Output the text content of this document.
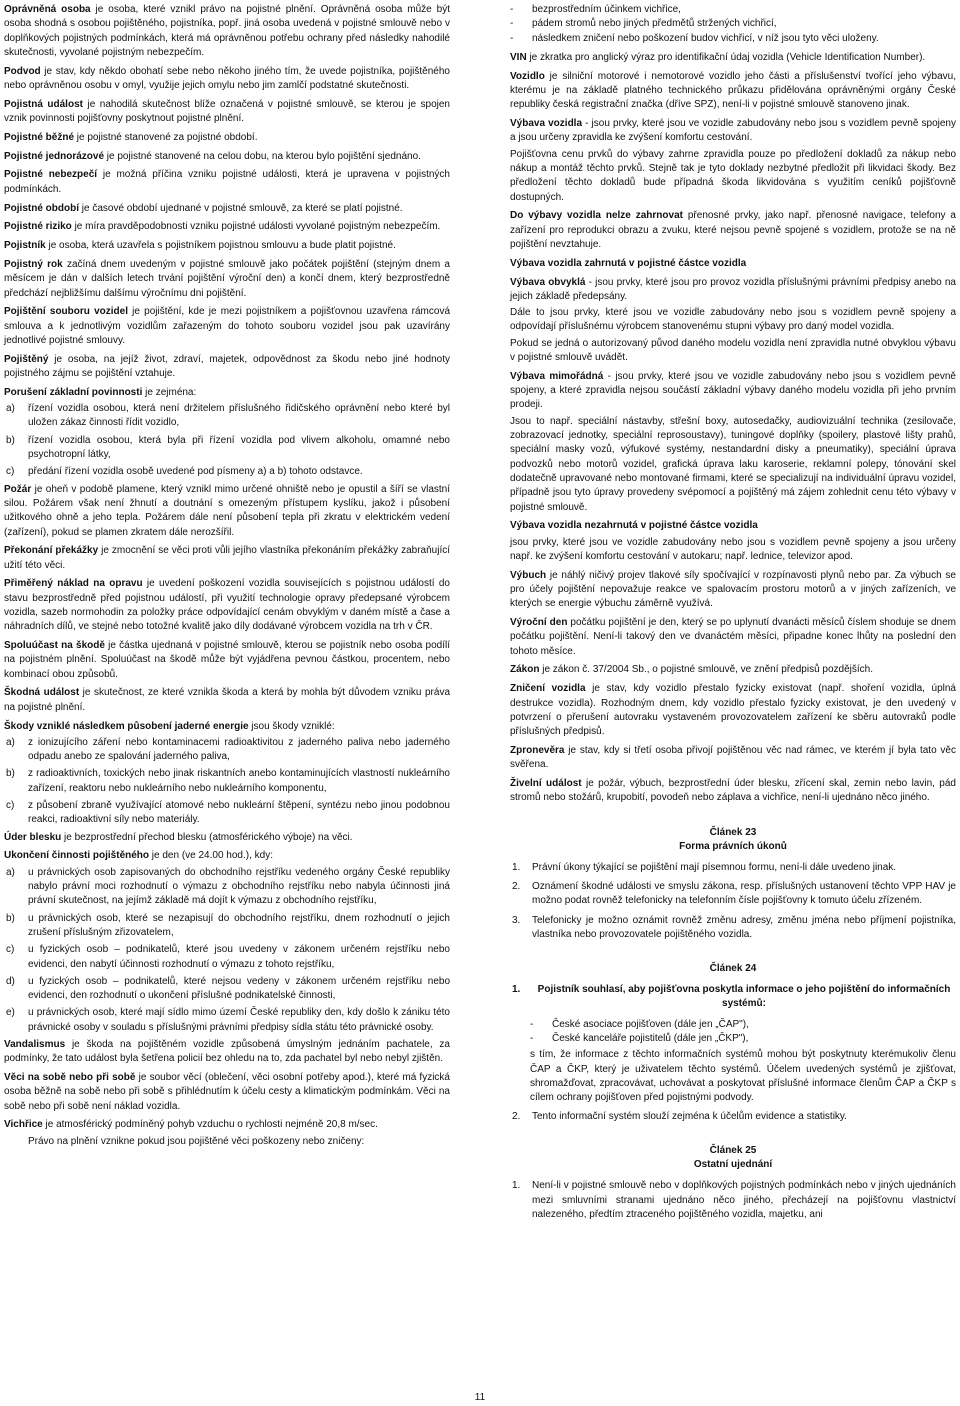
Oprávněná osoba je osoba, které vznikl právo na pojistné plnění. Oprávněná osoba může být osoba shodná s osobou pojištěného, pojistníka, popř. jiná osoba uvedená v pojistné smlouvě nebo v doplňkových pojistných podmínkách, která má oprávněnou potřebu ochrany před následky nahodilé skutečnosti, vyvolané pojistným nebezpečím.
Podvod je stav, kdy někdo obohatí sebe nebo někoho jiného tím, že uvede pojistníka, pojištěného nebo oprávněnou osobu v omyl, využije jejich omylu nebo jim zamlčí podstatné skutečnosti.
Pojistná událost je nahodilá skutečnost blíže označená v pojistné smlouvě, se kterou je spojen vznik povinnosti pojišťovny poskytnout pojistné plnění.
Pojistné běžné je pojistné stanovené za pojistné období.
Pojistné jednorázové je pojistné stanovené na celou dobu, na kterou bylo pojištění sjednáno.
Pojistné nebezpečí je možná příčina vzniku pojistné události, která je upravena v pojistných podmínkách.
Pojistné období je časové období ujednané v pojistné smlouvě, za které se platí pojistné.
Pojistné riziko je míra pravděpodobnosti vzniku pojistné události vyvolané pojistným nebezpečím.
Pojistník je osoba, která uzavřela s pojistníkem pojistnou smlouvu a bude platit pojistné.
Pojistný rok začíná dnem uvedeným v pojistné smlouvě jako počátek pojištění (stejným dnem a měsícem je dán v dalších letech trvání pojištění výroční den) a končí dnem, který bezprostředně předchází nejbližšímu dalšímu výročnímu dni pojištění.
Pojištění souboru vozidel je pojištění, kde je mezi pojistníkem a pojišťovnou uzavřena rámcová smlouva a k jednotlivým vozidlům zařazeným do tohoto souboru vozidel jsou pak uzavírány jednotlivé pojistné smlouvy.
Pojištěný je osoba, na jejíž život, zdraví, majetek, odpovědnost za škodu nebo jiné hodnoty pojistného zájmu se pojištění vztahuje.
Porušení základní povinnosti je zejména:
a)	řízení vozidla osobou, která není držitelem příslušného řidičského oprávnění nebo které byl uložen zákaz činnosti řídit vozidlo,
b)	řízení vozidla osobou, která byla při řízení vozidla pod vlivem alkoholu, omamné nebo psychotropní látky,
c)	předání řízení vozidla osobě uvedené pod písmeny a) a b) tohoto odstavce.
Požár je oheň v podobě plamene, který vznikl mimo určené ohniště nebo je opustil a šíří se vlastní silou. Požárem však není žhnutí a doutnání s omezeným přístupem kyslíku, jakož i působení užitkového ohně a jeho tepla. Požárem dále není působení tepla při zkratu v elektrickém vedení (zařízení), pokud se plamen zkratem dále nerozšířil.
Překonání překážky je zmocnění se věci proti vůli jejího vlastníka překonáním překážky zabraňující užití této věci.
Přiměřený náklad na opravu je uvedení poškození vozidla souvisejících s pojistnou událostí do stavu bezprostředně před pojistnou událostí, při využití technologie opravy předepsané výrobcem vozidla, sazeb normohodin za položky práce odpovídající cenám obvyklým v daném místě a čase a náhradních dílů, ve stejné nebo totožné kvalitě jako díly dodávané výrobcem vozidla na trh v ČR.
Spoluúčast na škodě je částka ujednaná v pojistné smlouvě, kterou se pojistník nebo osoba podílí na pojistném plnění. Spoluúčast na škodě může být vyjádřena pevnou částkou, procentem, nebo kombinací obou způsobů.
Škodná událost je skutečnost, ze které vznikla škoda a která by mohla být důvodem vzniku práva na pojistné plnění.
Škody vzniklé následkem působení jaderné energie jsou škody vzniklé:
a)	z ionizujícího záření nebo kontaminacemi radioaktivitou z jaderného paliva nebo jaderného odpadu anebo ze spalování jaderného paliva,
b)	z radioaktivních, toxických nebo jinak riskantních anebo kontaminujících vlastností nukleárního zařízení, reaktoru nebo nukleárního nebo nukleárního komponentu,
c)	z působení zbraně využívající atomové nebo nukleární štěpení, syntézu nebo jinou podobnou reakci, radioaktivní síly nebo materiály.
Úder blesku je bezprostřední přechod blesku (atmosférického výboje) na věci.
Ukončení činnosti pojištěného je den (ve 24.00 hod.), kdy:
a)	u právnických osob zapisovaných do obchodního rejstříku vedeného orgány České republiky nabylo právní moci rozhodnutí o výmazu z obchodního rejstříku nebo nabyla účinnosti jiná právní skutečnost, na jejímž základě má dojít k výmazu z obchodního rejstříku,
b)	u právnických osob, které se nezapisují do obchodního rejstříku, dnem rozhodnutí o jejich zrušení příslušným zřizovatelem,
c)	u fyzických osob – podnikatelů, které jsou uvedeny v zákonem určeném rejstříku nebo evidenci, den nabytí účinnosti rozhodnutí o výmazu z tohoto rejstříku,
d)	u fyzických osob – podnikatelů, které nejsou vedeny v zákonem určeném rejstříku nebo evidenci, den rozhodnutí o ukončení příslušné podnikatelské činnosti,
e)	u právnických osob, které mají sídlo mimo území České republiky den, kdy došlo k zániku této právnické osoby v souladu s příslušnými právními předpisy sídla státu této právnické osoby.
Vandalismus je škoda na pojištěném vozidle způsobená úmyslným jednáním pachatele, za podmínky, že tato událost byla šetřena policií bez ohledu na to, zda pachatel byl nebo nebyl zjištěn.
Věci na sobě nebo při sobě je soubor věcí (oblečení, věci osobní potřeby apod.), které má fyzická osoba běžně na sobě nebo při sobě s přihlédnutím k účelu cesty a klimatickým podmínkám. Věci na sobě nebo při sobě není náklad vozidla.
Vichřice je atmosférický podmíněný pohyb vzduchu o rychlosti nejméně 20,8 m/sec.
Právo na plnění vznikne pokud jsou pojištěné věci poškozeny nebo zničeny:
-	bezprostředním účinkem vichřice,
-	pádem stromů nebo jiných předmětů stržených vichřicí,
-	následkem zničení nebo poškození budov vichřicí, v níž jsou tyto věci uloženy.
VIN je zkratka pro anglický výraz pro identifikační údaj vozidla (Vehicle Identification Number).
Vozidlo je silniční motorové i nemotorové vozidlo jeho části a příslušenství tvořící jeho výbavu, kterému je na základě platného technického průkazu přidělována oprávněnými orgány České republiky česká registrační značka (dříve SPZ), není-li v pojistné smlouvě stanoveno jinak.
Výbava vozidla - jsou prvky, které jsou ve vozidle zabudovány nebo jsou s vozidlem pevně spojeny a jsou určeny zpravidla ke zvýšení komfortu cestování.
Pojišťovna cenu prvků do výbavy zahrne zpravidla pouze po předložení dokladů za nákup nebo nákup a montáž těchto prvků. Stejně tak je tyto doklady nezbytné předložit při likvidaci škody. Bez předložení těchto dokladů bude případná škoda likvidována s využitím ceníků pojišťovně dostupných.
Do výbavy vozidla nelze zahrnovat přenosné prvky, jako např. přenosné navigace, telefony a zařízení pro reprodukci obrazu a zvuku, které nejsou pevně spojené s vozidlem, protože se na ně pojištění nevztahuje.
Výbava vozidla zahrnutá v pojistné částce vozidla
Výbava obvyklá - jsou prvky, které jsou pro provoz vozidla příslušnými právními předpisy anebo na jejich základě předepsány.
Dále to jsou prvky, které jsou ve vozidle zabudovány nebo jsou s vozidlem pevně spojeny a odpovídají příslušnému výrobcem stanovenému stupni výbavy pro daný model vozidla.
Pokud se jedná o autorizovaný původ daného modelu vozidla není zpravidla nutné obvyklou výbavu v pojistné smlouvě uvádět.
Výbava mimořádná - jsou prvky, které jsou ve vozidle zabudovány nebo jsou s vozidlem pevně spojeny, a které zpravidla nejsou součástí základní výbavy daného modelu vozidla při jeho prvním prodeji.
Jsou to např. speciální nástavby, střešní boxy, autosedačky, audiovizuální technika (zesilovače, zobrazovací jednotky, speciální reprosoustavy), tuningové doplňky (spoilery, plastové lišty prahů, speciální masky vozů, výfukové systémy, nestandardní disky a pneumatiky), speciální úprava podvozků nebo motorů vozidel, grafická úprava laku karoserie, reklamní polepy, tónování skel dodatečně upravované nebo montované firmami, které se specializují na individuální úpravu vozidel, případně jsou tyto úpravy provedeny svépomocí a pojištěný má zájem zohlednit cenu této výbavy v pojistné smlouvě.
Výbava vozidla nezahrnutá v pojistné částce vozidla
jsou prvky, které jsou ve vozidle zabudovány nebo jsou s vozidlem pevně spojeny a jsou určeny např. ke zvýšení komfortu cestování v autokaru; např. lednice, televizor apod.
Výbuch je náhlý ničivý projev tlakové síly spočívající v rozpínavosti plynů nebo par. Za výbuch se pro účely pojištění nepovažuje reakce ve spalovacím prostoru motorů a v jiných zařízeních, ve kterých se energie výbuchu záměrně využívá.
Výroční den počátku pojištění je den, který se po uplynutí dvanácti měsíců číslem shoduje se dnem počátku pojištění. Není-li takový den ve dvanáctém měsíci, připadne konec lhůty na poslední den tohoto měsíce.
Zákon je zákon č. 37/2004 Sb., o pojistné smlouvě, ve znění předpisů pozdějších.
Zničení vozidla je stav, kdy vozidlo přestalo fyzicky existovat (např. shoření vozidla, úplná destrukce vozidla). Rozhodným dnem, kdy vozidlo přestalo fyzicky existovat, je den uvedený v potvrzení o přerušení autovraku vystaveném provozovatelem zařízení ke sběru autovraků podle příslušných předpisů.
Zpronevěra je stav, kdy si třetí osoba přivojí pojištěnou věc nad rámec, ve kterém jí byla tato věc svěřena.
Živelní událost je požár, výbuch, bezprostřední úder blesku, zřícení skal, zemin nebo lavin, pád stromů nebo stožárů, krupobití, povodeň nebo záplava a vichřice, není-li ujednáno něco jiného.
Článek 23
Forma právních úkonů
1.	Právní úkony týkající se pojištění mají písemnou formu, není-li dále uvedeno jinak.
2.	Oznámení škodné události ve smyslu zákona, resp. příslušných ustanovení těchto VPP HAV je možno podat rovněž telefonicky na telefonním čísle pojišťovny k tomuto účelu zřízeném.
3.	Telefonicky je možno oznámit rovněž změnu adresy, změnu jména nebo příjmení pojistníka, vlastníka nebo provozovatele pojištěného vozidla.
Článek 24
1.	Pojistník souhlasí, aby pojišťovna poskytla informace o jeho pojištění do informačních systémů:
-	České asociace pojišťoven (dále jen „ČAP"),
-	České kanceláře pojistitelů (dále jen „ČKP"),
s tím, že informace z těchto informačních systémů mohou být poskytnuty kterémukoliv členu ČAP a ČKP, který je uživatelem těchto systémů. Účelem uvedených systémů je zjišťovat, shromažďovat, zpracovávat, uchovávat a poskytovat příslušné informace členům ČAP a ČKP s cílem ochrany pojišťoven před pojistnými podvody.
2.	Tento informační systém slouží zejména k účelům evidence a statistiky.
Článek 25
Ostatní ujednání
1.	Není-li v pojistné smlouvě nebo v doplňkových pojistných podmínkách nebo v jiných ujednáních mezi smluvními stranami ujednáno něco jiného, přecházejí na pojišťovnu vlastnictví nalezeného, předtím ztraceného pojištěného vozidla, majetku, ani
11
